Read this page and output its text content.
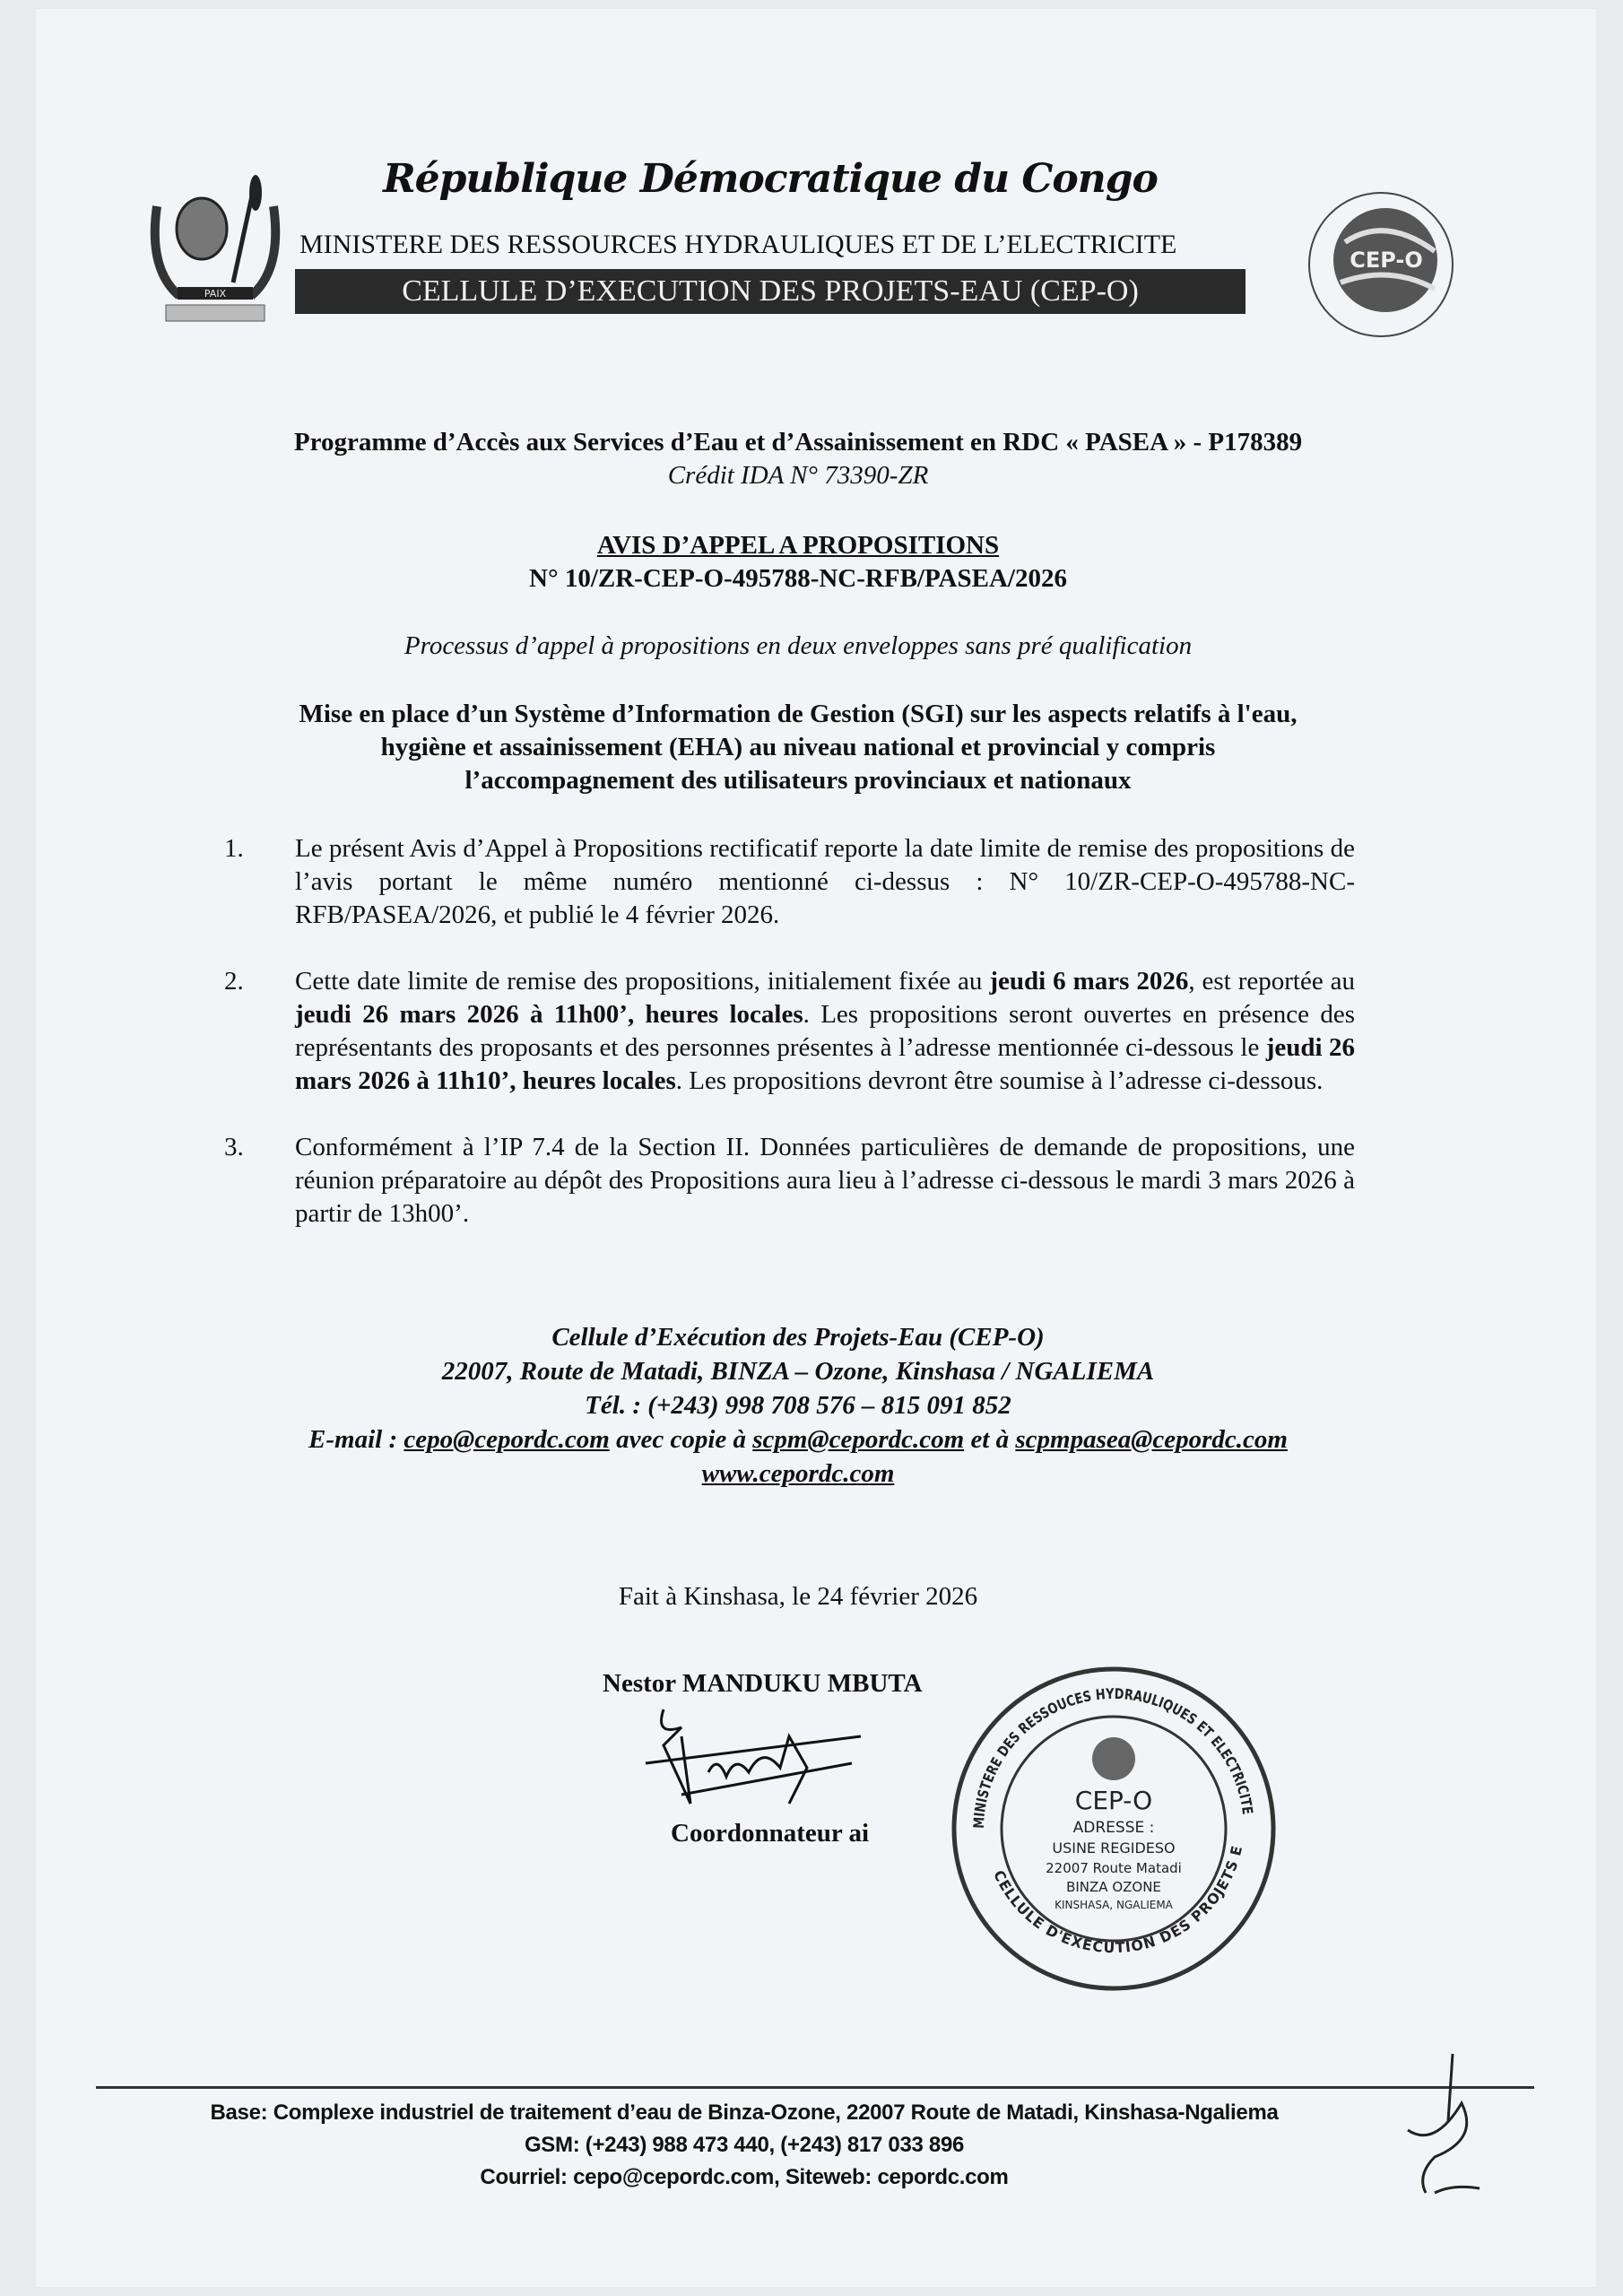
PAIX
République Démocratique du Congo
MINISTERE DES RESSOURCES HYDRAULIQUES ET DE L’ELECTRICITE
CELLULE D’EXECUTION DES PROJETS-EAU (CEP-O)
CEP-O
Programme d’Accès aux Services d’Eau et d’Assainissement en RDC « PASEA » - P178389
Crédit IDA N° 73390-ZR
AVIS D’APPEL A PROPOSITIONS
N° 10/ZR-CEP-O-495788-NC-RFB/PASEA/2026
Processus d’appel à propositions en deux enveloppes sans pré qualification
Mise en place d’un Système d’Information de Gestion (SGI) sur les aspects relatifs à l'eau,
hygiène et assainissement (EHA) au niveau national et provincial y compris
l’accompagnement des utilisateurs provinciaux et nationaux
1.	Le présent Avis d’Appel à Propositions rectificatif reporte la date limite de remise des propositions de l’avis portant le même numéro mentionné ci-dessus : N° 10/ZR-CEP-O-495788-NC-RFB/PASEA/2026, et publié le 4 février 2026.
2.	Cette date limite de remise des propositions, initialement fixée au jeudi 6 mars 2026, est reportée au jeudi 26 mars 2026 à 11h00’, heures locales. Les propositions seront ouvertes en présence des représentants des proposants et des personnes présentes à l’adresse mentionnée ci-dessous le jeudi 26 mars 2026 à 11h10’, heures locales. Les propositions devront être soumise à l’adresse ci-dessous.
3.	Conformément à l’IP 7.4 de la Section II. Données particulières de demande de propositions, une réunion préparatoire au dépôt des Propositions aura lieu à l’adresse ci-dessous le mardi 3 mars 2026 à partir de 13h00’.
Cellule d’Exécution des Projets-Eau (CEP-O)
22007, Route de Matadi, BINZA – Ozone, Kinshasa / NGALIEMA
Tél. : (+243) 998 708 576 – 815 091 852
E-mail : cepo@cepordc.com avec copie à scpm@cepordc.com et à scpmpasea@cepordc.com
www.cepordc.com
Fait à Kinshasa, le 24 février 2026
Nestor MANDUKU MBUTA
Coordonnateur ai	MINISTERE DES RESSOUCES HYDRAULIQUES ET ELECTRICITE
CELLULE D'EXECUTION DES PROJETS E
CEP-O
ADRESSE :
USINE REGIDESO
22007 Route Matadi
BINZA OZONE
KINSHASA, NGALIEMA
Base: Complexe industriel de traitement d’eau de Binza-Ozone, 22007 Route de Matadi, Kinshasa-Ngaliema
GSM: (+243) 988 473 440, (+243) 817 033 896
Courriel: cepo@cepordc.com, Siteweb: cepordc.com
